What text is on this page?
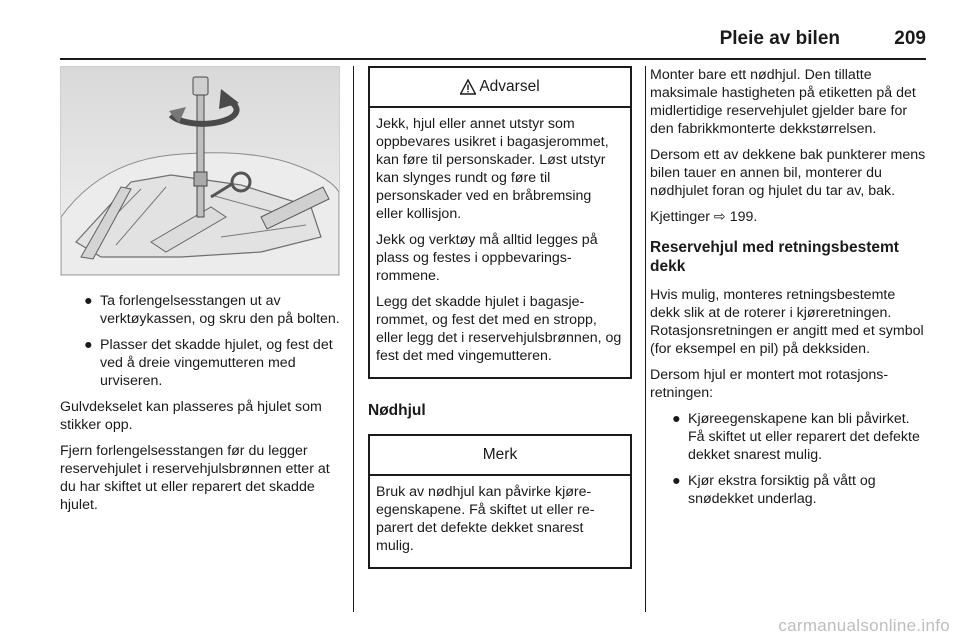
Pleie av bilen	209
● Ta forlengelsesstangen ut av verktøykassen, og skru den på bolten.
● Plasser det skadde hjulet, og fest det ved å dreie vingemutteren med urviseren.

Gulvdekselet kan plasseres på hjulet som stikker opp.

Fjern forlengelsesstangen før du legger reservehjulet i reservehjulsbrønnen etter at du har skiftet ut eller reparert det skadde hjulet.

Advarsel

Jekk, hjul eller annet utstyr som oppbevares usikret i bagasjerommet, kan føre til personskader. Løst utstyr kan slynges rundt og føre til personskader ved en bråbremsing eller kollisjon.

Jekk og verktøy må alltid legges på plass og festes i oppbevaringsrommene.

Legg det skadde hjulet i bagasjerommet, og fest det med en stropp, eller legg det i reservehjulsbrønnen, og fest det med vingemutteren.

Nødhjul
Merk

Bruk av nødhjul kan påvirke kjøreegenskapene. Få skiftet ut eller reparert det defekte dekket snarest mulig.

Monter bare ett nødhjul. Den tillatte maksimale hastigheten på etiketten på det midlertidige reservehjulet gjelder bare for den fabrikkmonterte dekkstørrelsen.

Dersom ett av dekkene bak punkterer mens bilen tauer en annen bil, monterer du nødhjulet foran og hjulet du tar av, bak.

Kjettinger ⇨ 199.

Reservehjul med retningsbestemt dekk

Hvis mulig, monteres retningsbestemte dekk slik at de roterer i kjøreretningen. Rotasjonsretningen er angitt med et symbol (for eksempel en pil) på dekksiden.

Dersom hjul er montert mot rotasjonsretningen:

● Kjøreegenskapene kan bli påvirket. Få skiftet ut eller reparert det defekte dekket snarest mulig.
● Kjør ekstra forsiktig på vått og snødekket underlag.
carmanualsonline.info
